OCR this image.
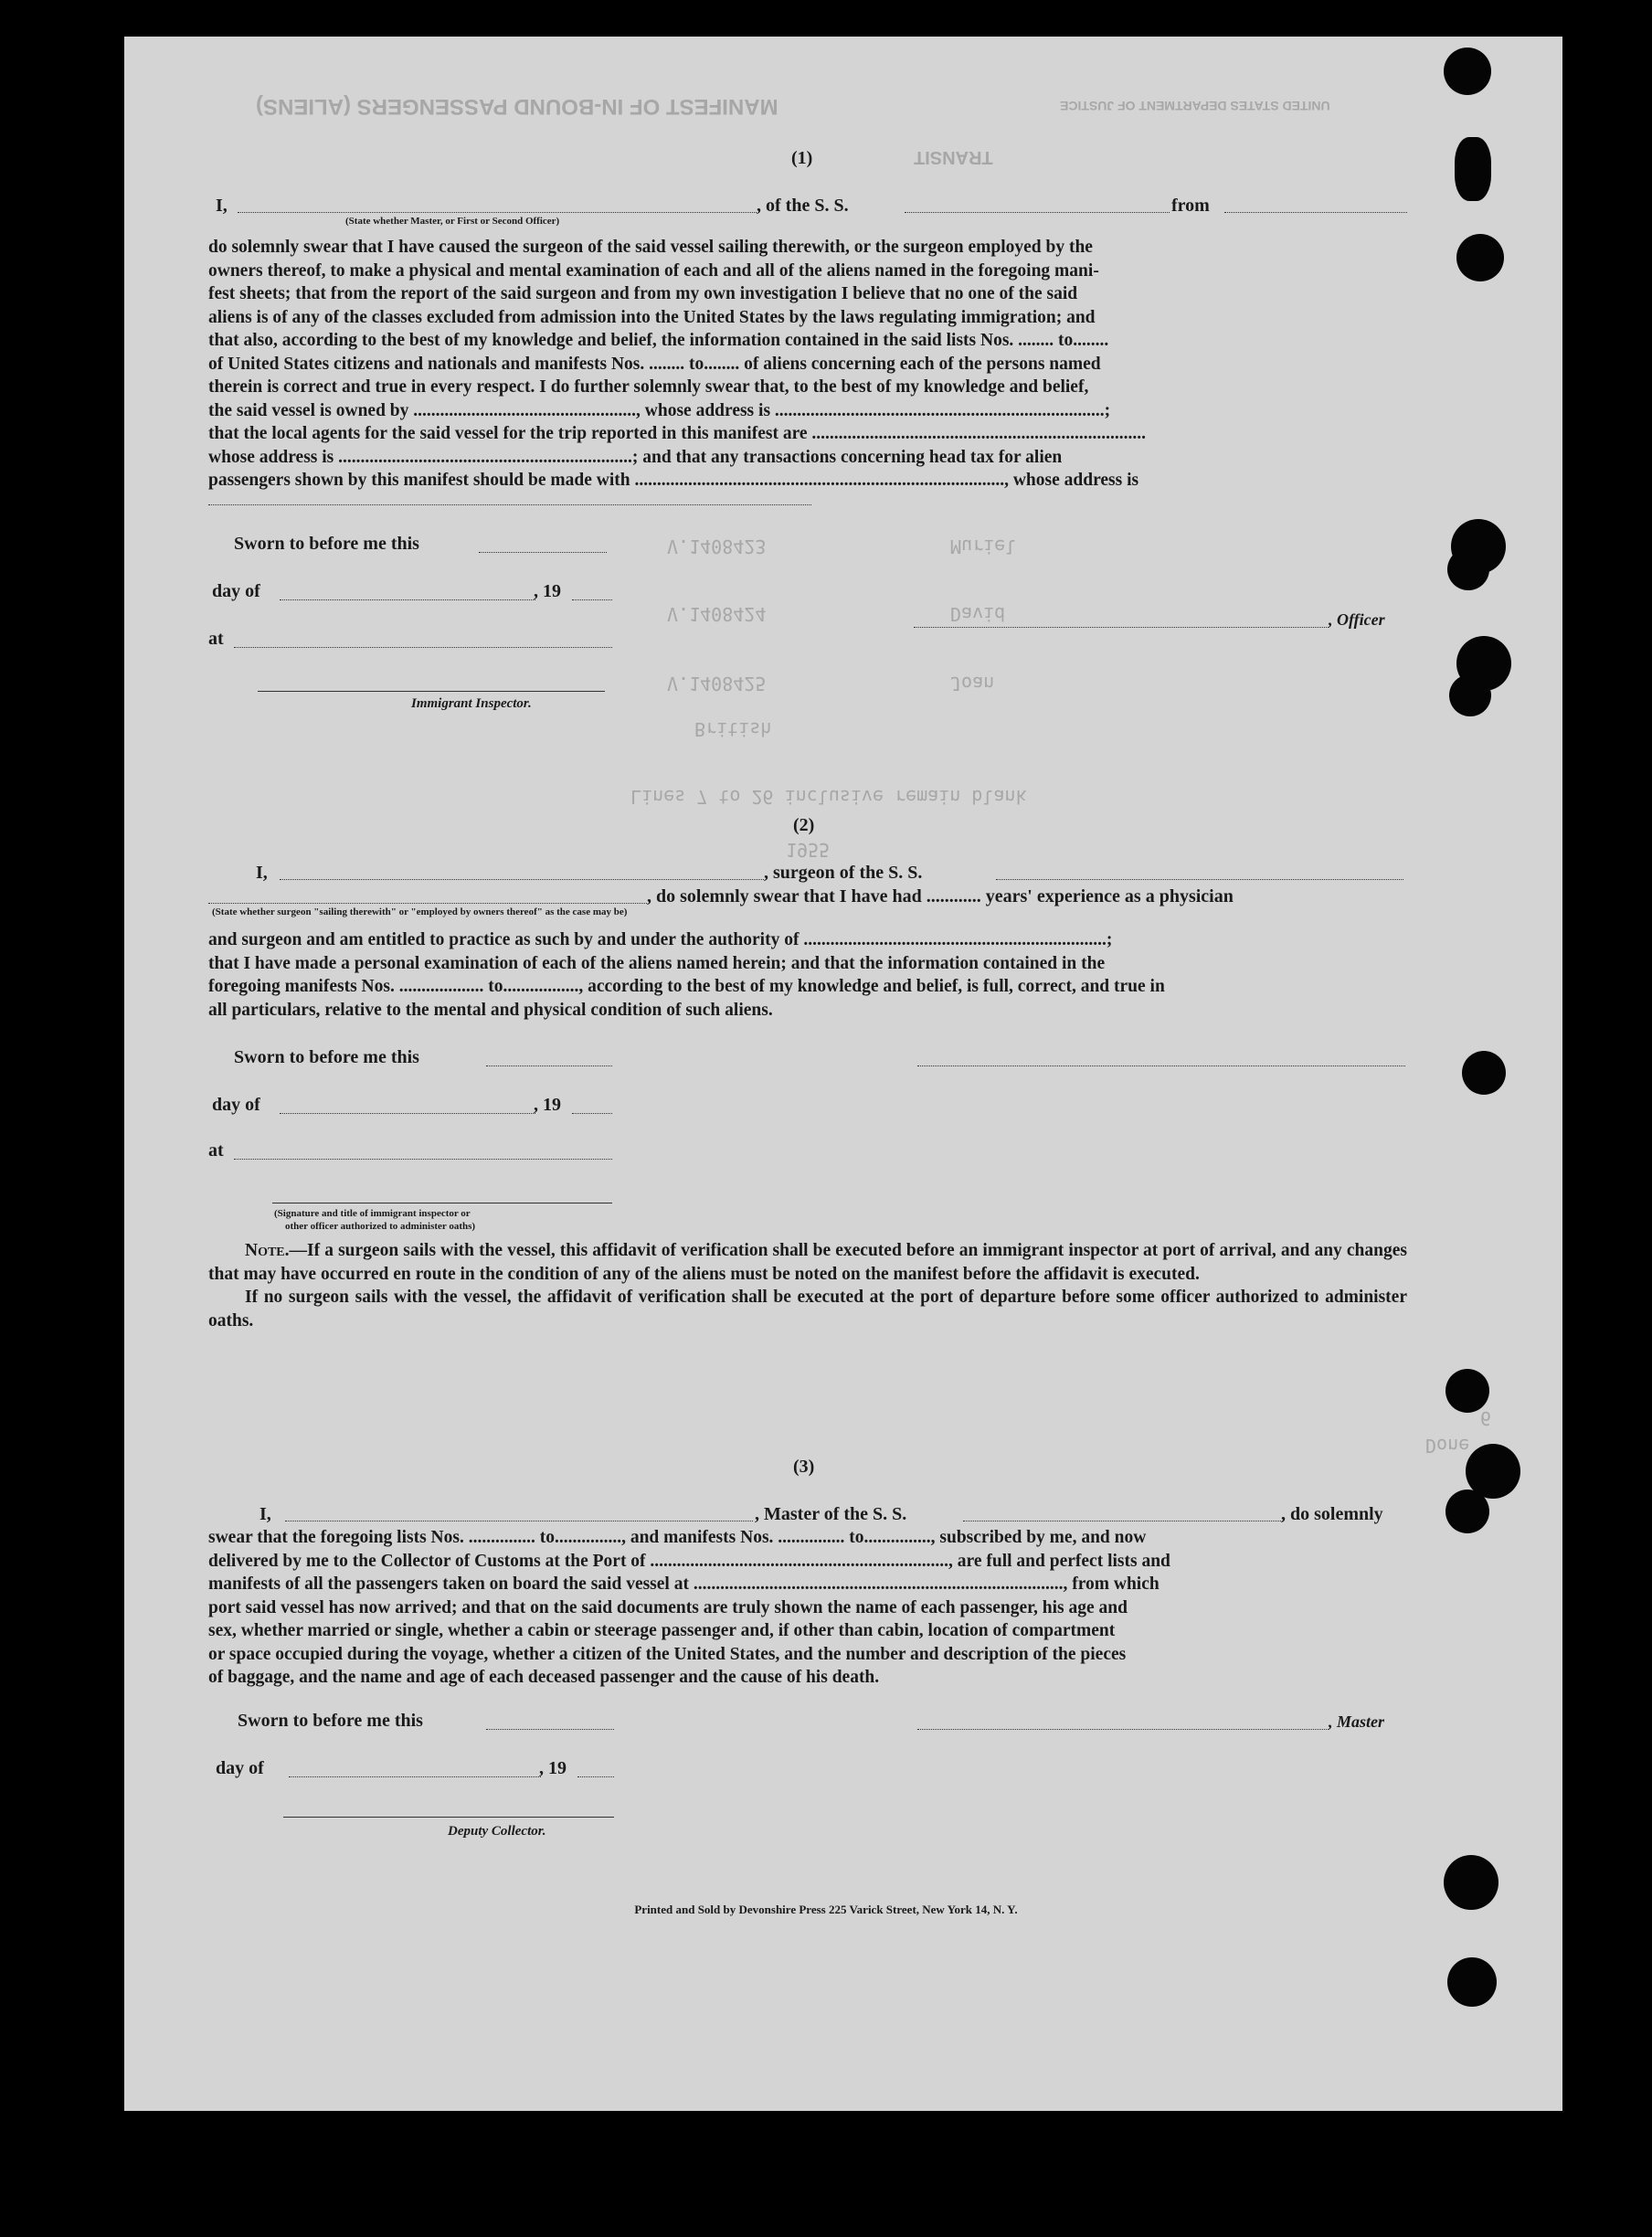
MANIFEST OF IN-BOUND PASSENGERS (ALIENS)	UNITED STATES DEPARTMENT OF JUSTICE
TRANSIT
V.1408423	Muriel
V.1408424	David
V.1408425	Joan
British
Lines 7 to 26 inclusive remain blank
1955
6
Done
(1)
I,	, of the S. S.	from
(State whether Master, or First or Second Officer)

do solemnly swear that I have caused the surgeon of the said vessel sailing therewith, or the surgeon employed by the

owners thereof, to make a physical and mental examination of each and all of the aliens named in the foregoing mani-

fest sheets; that from the report of the said surgeon and from my own investigation I believe that no one of the said

aliens is of any of the classes excluded from admission into the United States by the laws regulating immigration; and

that also, according to the best of my knowledge and belief, the information contained in the said lists Nos. ........ to........

of United States citizens and nationals and manifests Nos. ........ to........ of aliens concerning each of the persons named

therein is correct and true in every respect. I do further solemnly swear that, to the best of my knowledge and belief,

the said vessel is owned by .................................................., whose address is ..........................................................................;

that the local agents for the said vessel for the trip reported in this manifest are ...........................................................................

whose address is ..................................................................; and that any transactions concerning head tax for alien

passengers shown by this manifest should be made with ..................................................................................., whose address is

Sworn to before me this
day of	, 19
, Officer
at
Immigrant Inspector.
(2)
I,	, surgeon of the S. S.
, do solemnly swear that I have had ............ years' experience as a physician
(State whether surgeon "sailing therewith" or "employed by owners thereof" as the case may be)

and surgeon and am entitled to practice as such by and under the authority of ....................................................................;

that I have made a personal examination of each of the aliens named herein; and that the information contained in the

foregoing manifests Nos. ................... to................., according to the best of my knowledge and belief, is full, correct, and true in

all particulars, relative to the mental and physical condition of such aliens.

Sworn to before me this
day of	, 19
at
(Signature and title of immigrant inspector or
other officer authorized to administer oaths)

Note.—If a surgeon sails with the vessel, this affidavit of verification shall be executed before an immigrant inspector at port of arrival, and any changes that may have occurred en route in the condition of any of the aliens must be noted on the manifest before the affidavit is executed.

If no surgeon sails with the vessel, the affidavit of verification shall be executed at the port of departure before some officer authorized to administer oaths.

(3)
I,	, Master of the S. S.	, do solemnly

swear that the foregoing lists Nos. ............... to..............., and manifests Nos. ............... to..............., subscribed by me, and now

delivered by me to the Collector of Customs at the Port of ..................................................................., are full and perfect lists and

manifests of all the passengers taken on board the said vessel at ..................................................................................., from which

port said vessel has now arrived; and that on the said documents are truly shown the name of each passenger, his age and

sex, whether married or single, whether a cabin or steerage passenger and, if other than cabin, location of compartment

or space occupied during the voyage, whether a citizen of the United States, and the number and description of the pieces

of baggage, and the name and age of each deceased passenger and the cause of his death.

Sworn to before me this	, Master
day of	, 19
Deputy Collector.
Printed and Sold by Devonshire Press 225 Varick Street, New York 14, N. Y.
